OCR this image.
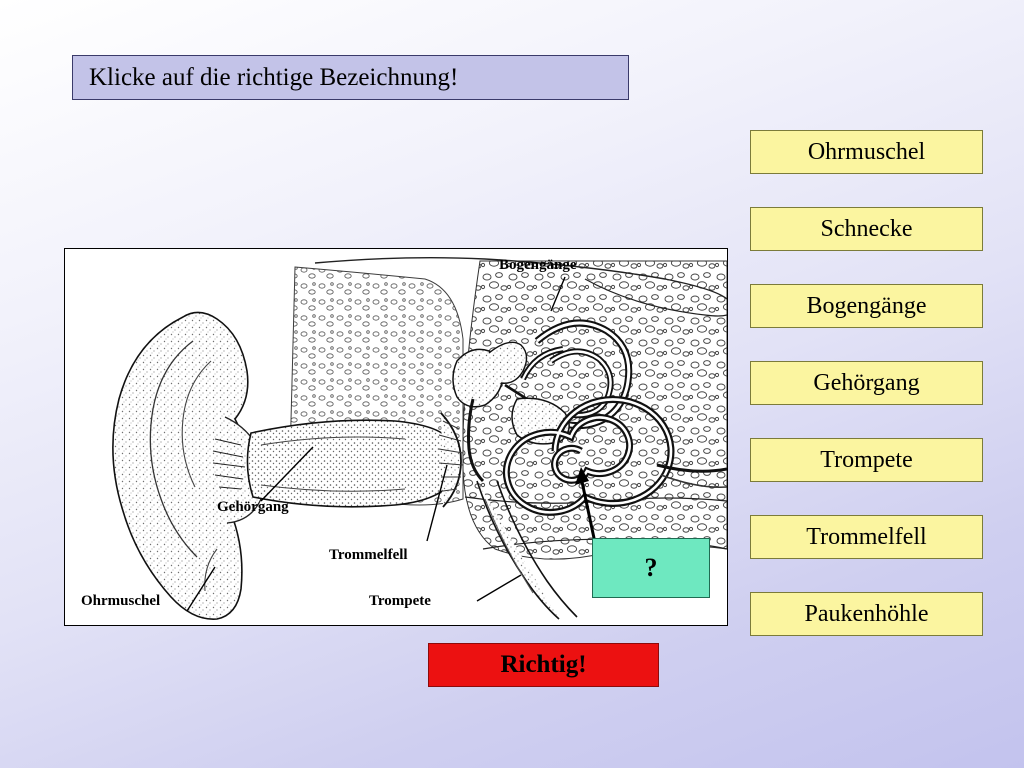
Klicke auf die richtige Bezeichnung!
Bogengänge
Gehörgang
Trommelfell
Trompete
Ohrmuschel
?
Ohrmuschel
Schnecke
Bogengänge
Gehörgang
Trompete
Trommelfell
Paukenhöhle
Richtig!
